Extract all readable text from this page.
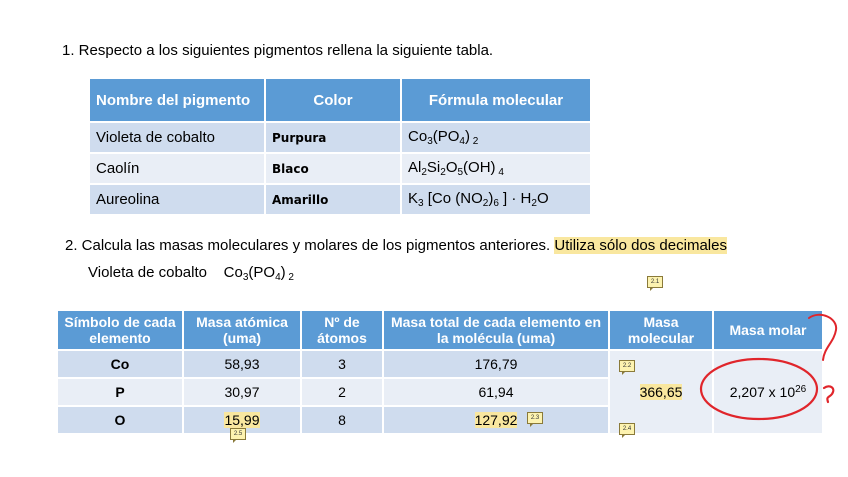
1. Respecto a los siguientes pigmentos rellena la siguiente tabla.
Nombre del pigmento	Color	Fórmula molecular
Violeta de cobalto	Purpura	$Co_3(PO_4)$ $_2$
Caolín	Blaco	$Al_2Si_2O_5(OH)$ $_4$
Aureolina	Amarillo	$K_3$ [Co $(NO_2)_6$ ] · $H_2O$
2. Calcula las masas moleculares y molares de los pigmentos anteriores. Utiliza sólo dos decimales
Violeta de cobalto    $Co_3(PO_4)$ $_2$
Símbolo de cada elemento	Masa atómica (uma)	Nº de átomos	Masa total de cada elemento en la molécula (uma)	Masa molecular	Masa molar
Co	58,93	3	176,79	366,65	2,207 x $10^{26}$
P	30,97	2	61,94		
O	15,99	8	127,92		
2.1
2.2
2.3
2.4
2.5
